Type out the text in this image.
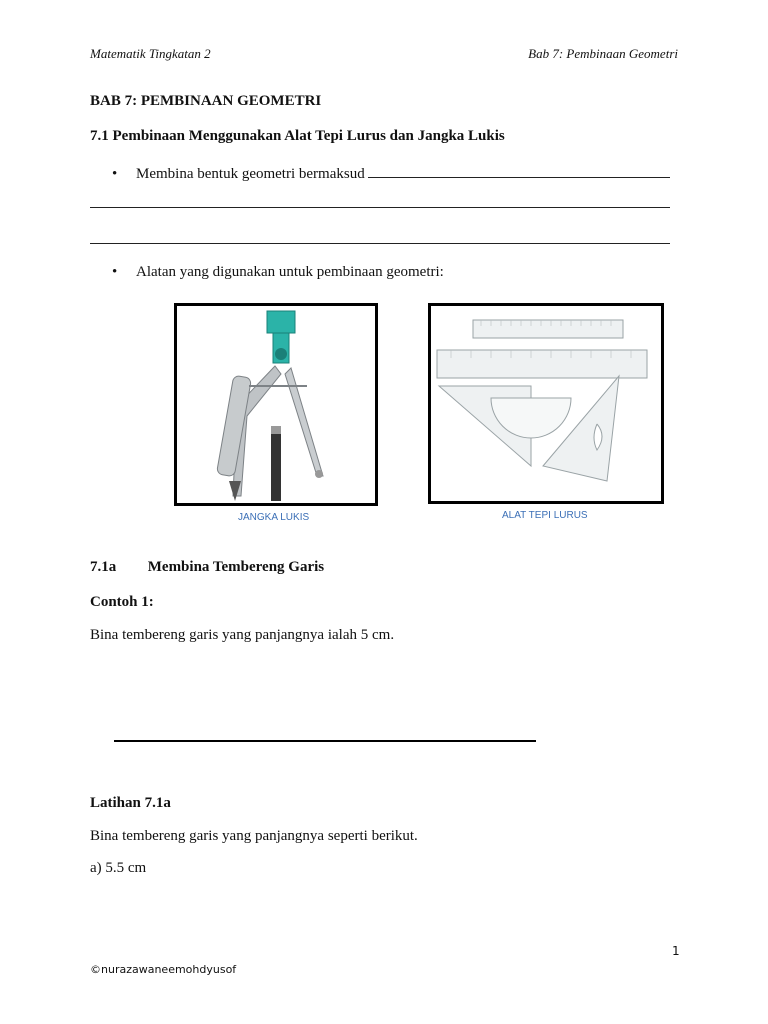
Matematik Tingkatan 2	Bab 7: Pembinaan Geometri
BAB 7: PEMBINAAN GEOMETRI
7.1 Pembinaan Menggunakan Alat Tepi Lurus dan Jangka Lukis
• Membina bentuk geometri bermaksud
• Alatan yang digunakan untuk pembinaan geometri:
JANGKA LUKIS	ALAT TEPI LURUS
7.1a Membina Tembereng Garis
Contoh 1:
Bina tembereng garis yang panjangnya ialah 5 cm.
Latihan 7.1a
Bina tembereng garis yang panjangnya seperti berikut.
a) 5.5 cm
1
©nurazawaneemohdyusof
